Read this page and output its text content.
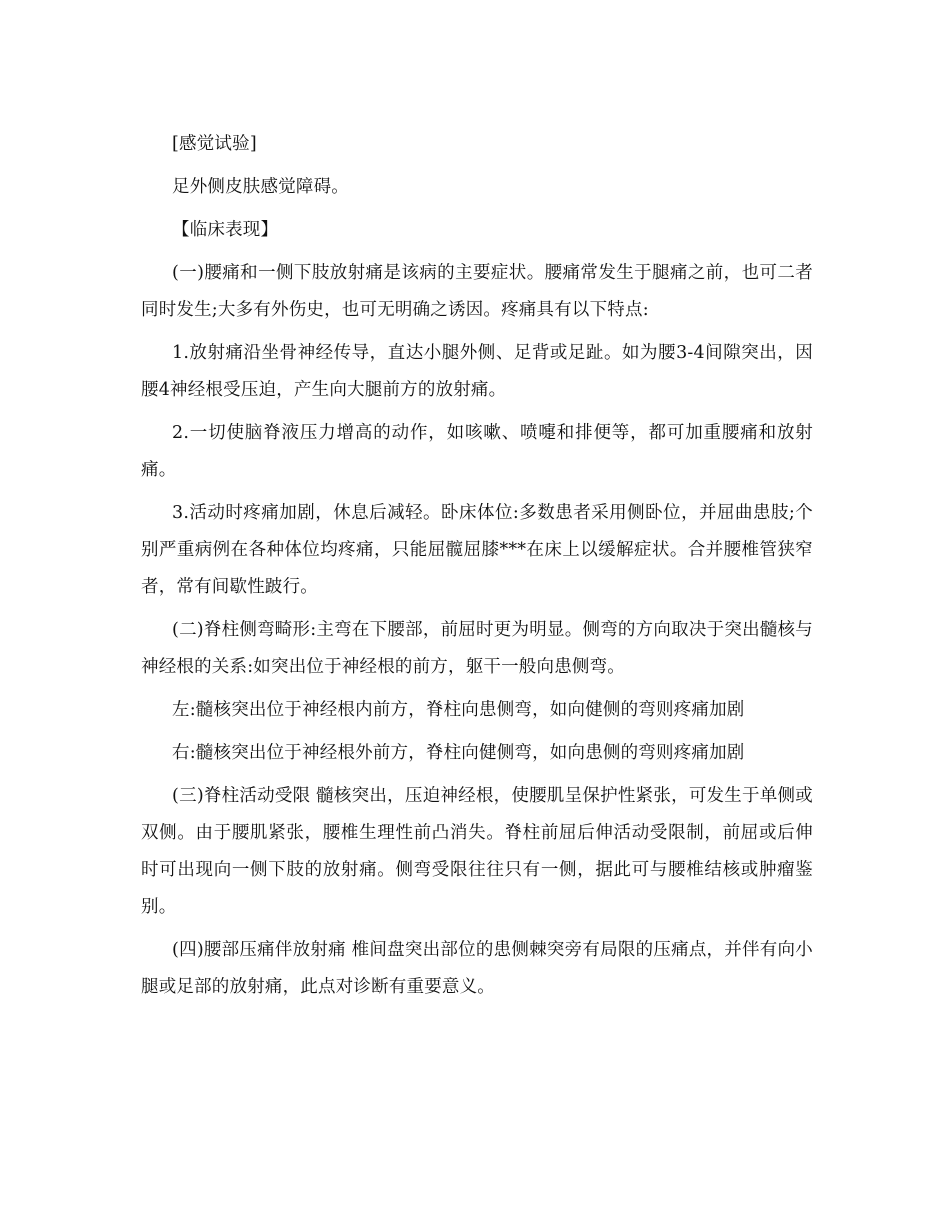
[感觉试验]

足外侧皮肤感觉障碍。

【临床表现】

(一)腰痛和一侧下肢放射痛是该病的主要症状。腰痛常发生于腿痛之前，也可二者同时发生;大多有外伤史，也可无明确之诱因。疼痛具有以下特点:

1.放射痛沿坐骨神经传导，直达小腿外侧、足背或足趾。如为腰3-4间隙突出，因腰4神经根受压迫，产生向大腿前方的放射痛。

2.一切使脑脊液压力增高的动作，如咳嗽、喷嚏和排便等，都可加重腰痛和放射痛。

3.活动时疼痛加剧，休息后减轻。卧床体位:多数患者采用侧卧位，并屈曲患肢;个别严重病例在各种体位均疼痛，只能屈髋屈膝***在床上以缓解症状。合并腰椎管狭窄者，常有间歇性跛行。

(二)脊柱侧弯畸形:主弯在下腰部，前屈时更为明显。侧弯的方向取决于突出髓核与神经根的关系:如突出位于神经根的前方，躯干一般向患侧弯。

左:髓核突出位于神经根内前方，脊柱向患侧弯，如向健侧的弯则疼痛加剧

右:髓核突出位于神经根外前方，脊柱向健侧弯，如向患侧的弯则疼痛加剧

(三)脊柱活动受限 髓核突出，压迫神经根，使腰肌呈保护性紧张，可发生于单侧或双侧。由于腰肌紧张，腰椎生理性前凸消失。脊柱前屈后伸活动受限制，前屈或后伸时可出现向一侧下肢的放射痛。侧弯受限往往只有一侧，据此可与腰椎结核或肿瘤鉴别。

(四)腰部压痛伴放射痛 椎间盘突出部位的患侧棘突旁有局限的压痛点，并伴有向小腿或足部的放射痛，此点对诊断有重要意义。
